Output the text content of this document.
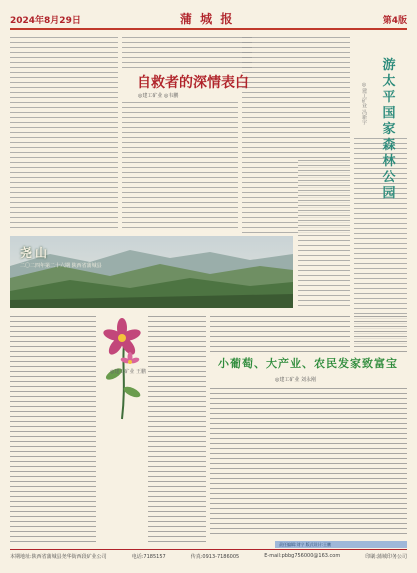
2024年8月29日	蒲 城 报	第4版
自救者的深情表白
◎建工矿业 ◎韦鹏
游
太
平
国
家
森
林
公
园
◎建工矿业 冯新宇
尧山
二〇二四年第二十六期 陕西省蒲城县
◎建工矿业 王鹏
小葡萄、大产业、农民发家致富宝
◎建工矿业 刘永刚
责任编辑:刘宁 版式设计:王鹏
本期地址:陕西省蒲城县尧华街西段矿业公司	电话:7185157	传真:0913-7186005	E-mail:pbbg756000@163.com	印刷:蒲城印务公司
